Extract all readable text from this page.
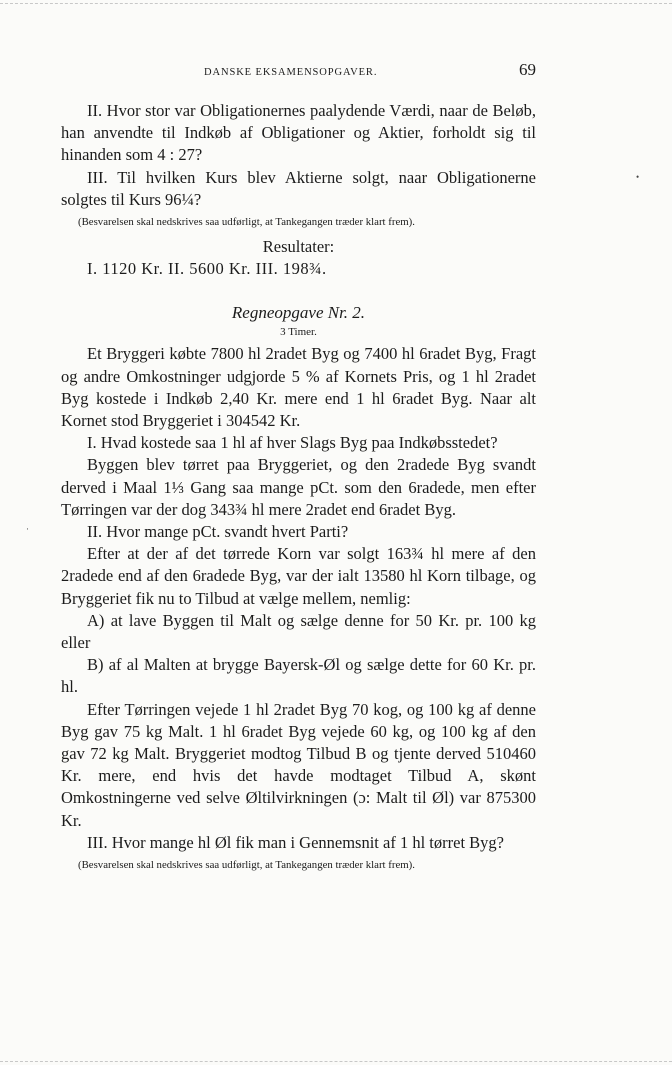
•
·
DANSKE EKSAMENSOPGAVER.	69

II. Hvor stor var Obligationernes paalydende Værdi, naar de Beløb, han anvendte til Indkøb af Obligationer og Aktier, forholdt sig til hinanden som 4 : 27?

III. Til hvilken Kurs blev Aktierne solgt, naar Obligationerne solgtes til Kurs 96¼?

(Besvarelsen skal nedskrives saa udførligt, at Tankegangen træder klart frem).

Resultater:

I. 1120 Kr. II. 5600 Kr. III. 198¾.

Regneopgave Nr. 2.

3 Timer.

Et Bryggeri købte 7800 hl 2radet Byg og 7400 hl 6radet Byg, Fragt og andre Omkostninger udgjorde 5 % af Kornets Pris, og 1 hl 2radet Byg kostede i Indkøb 2,40 Kr. mere end 1 hl 6radet Byg. Naar alt Kornet stod Bryggeriet i 304542 Kr.

I. Hvad kostede saa 1 hl af hver Slags Byg paa Indkøbsstedet?

Byggen blev tørret paa Bryggeriet, og den 2radede Byg svandt derved i Maal 1⅓ Gang saa mange pCt. som den 6radede, men efter Tørringen var der dog 343¾ hl mere 2radet end 6radet Byg.

II. Hvor mange pCt. svandt hvert Parti?

Efter at der af det tørrede Korn var solgt 163¾ hl mere af den 2radede end af den 6radede Byg, var der ialt 13580 hl Korn tilbage, og Bryggeriet fik nu to Tilbud at vælge mellem, nemlig:

A) at lave Byggen til Malt og sælge denne for 50 Kr. pr. 100 kg eller

B) af al Malten at brygge Bayersk-Øl og sælge dette for 60 Kr. pr. hl.

Efter Tørringen vejede 1 hl 2radet Byg 70 kog, og 100 kg af denne Byg gav 75 kg Malt. 1 hl 6radet Byg vejede 60 kg, og 100 kg af den gav 72 kg Malt. Bryggeriet modtog Tilbud B og tjente derved 510460 Kr. mere, end hvis det havde modtaget Tilbud A, skønt Omkostningerne ved selve Øltilvirkningen (ɔ: Malt til Øl) var 875300 Kr.

III. Hvor mange hl Øl fik man i Gennemsnit af 1 hl tørret Byg?

(Besvarelsen skal nedskrives saa udførligt, at Tankegangen træder klart frem).
